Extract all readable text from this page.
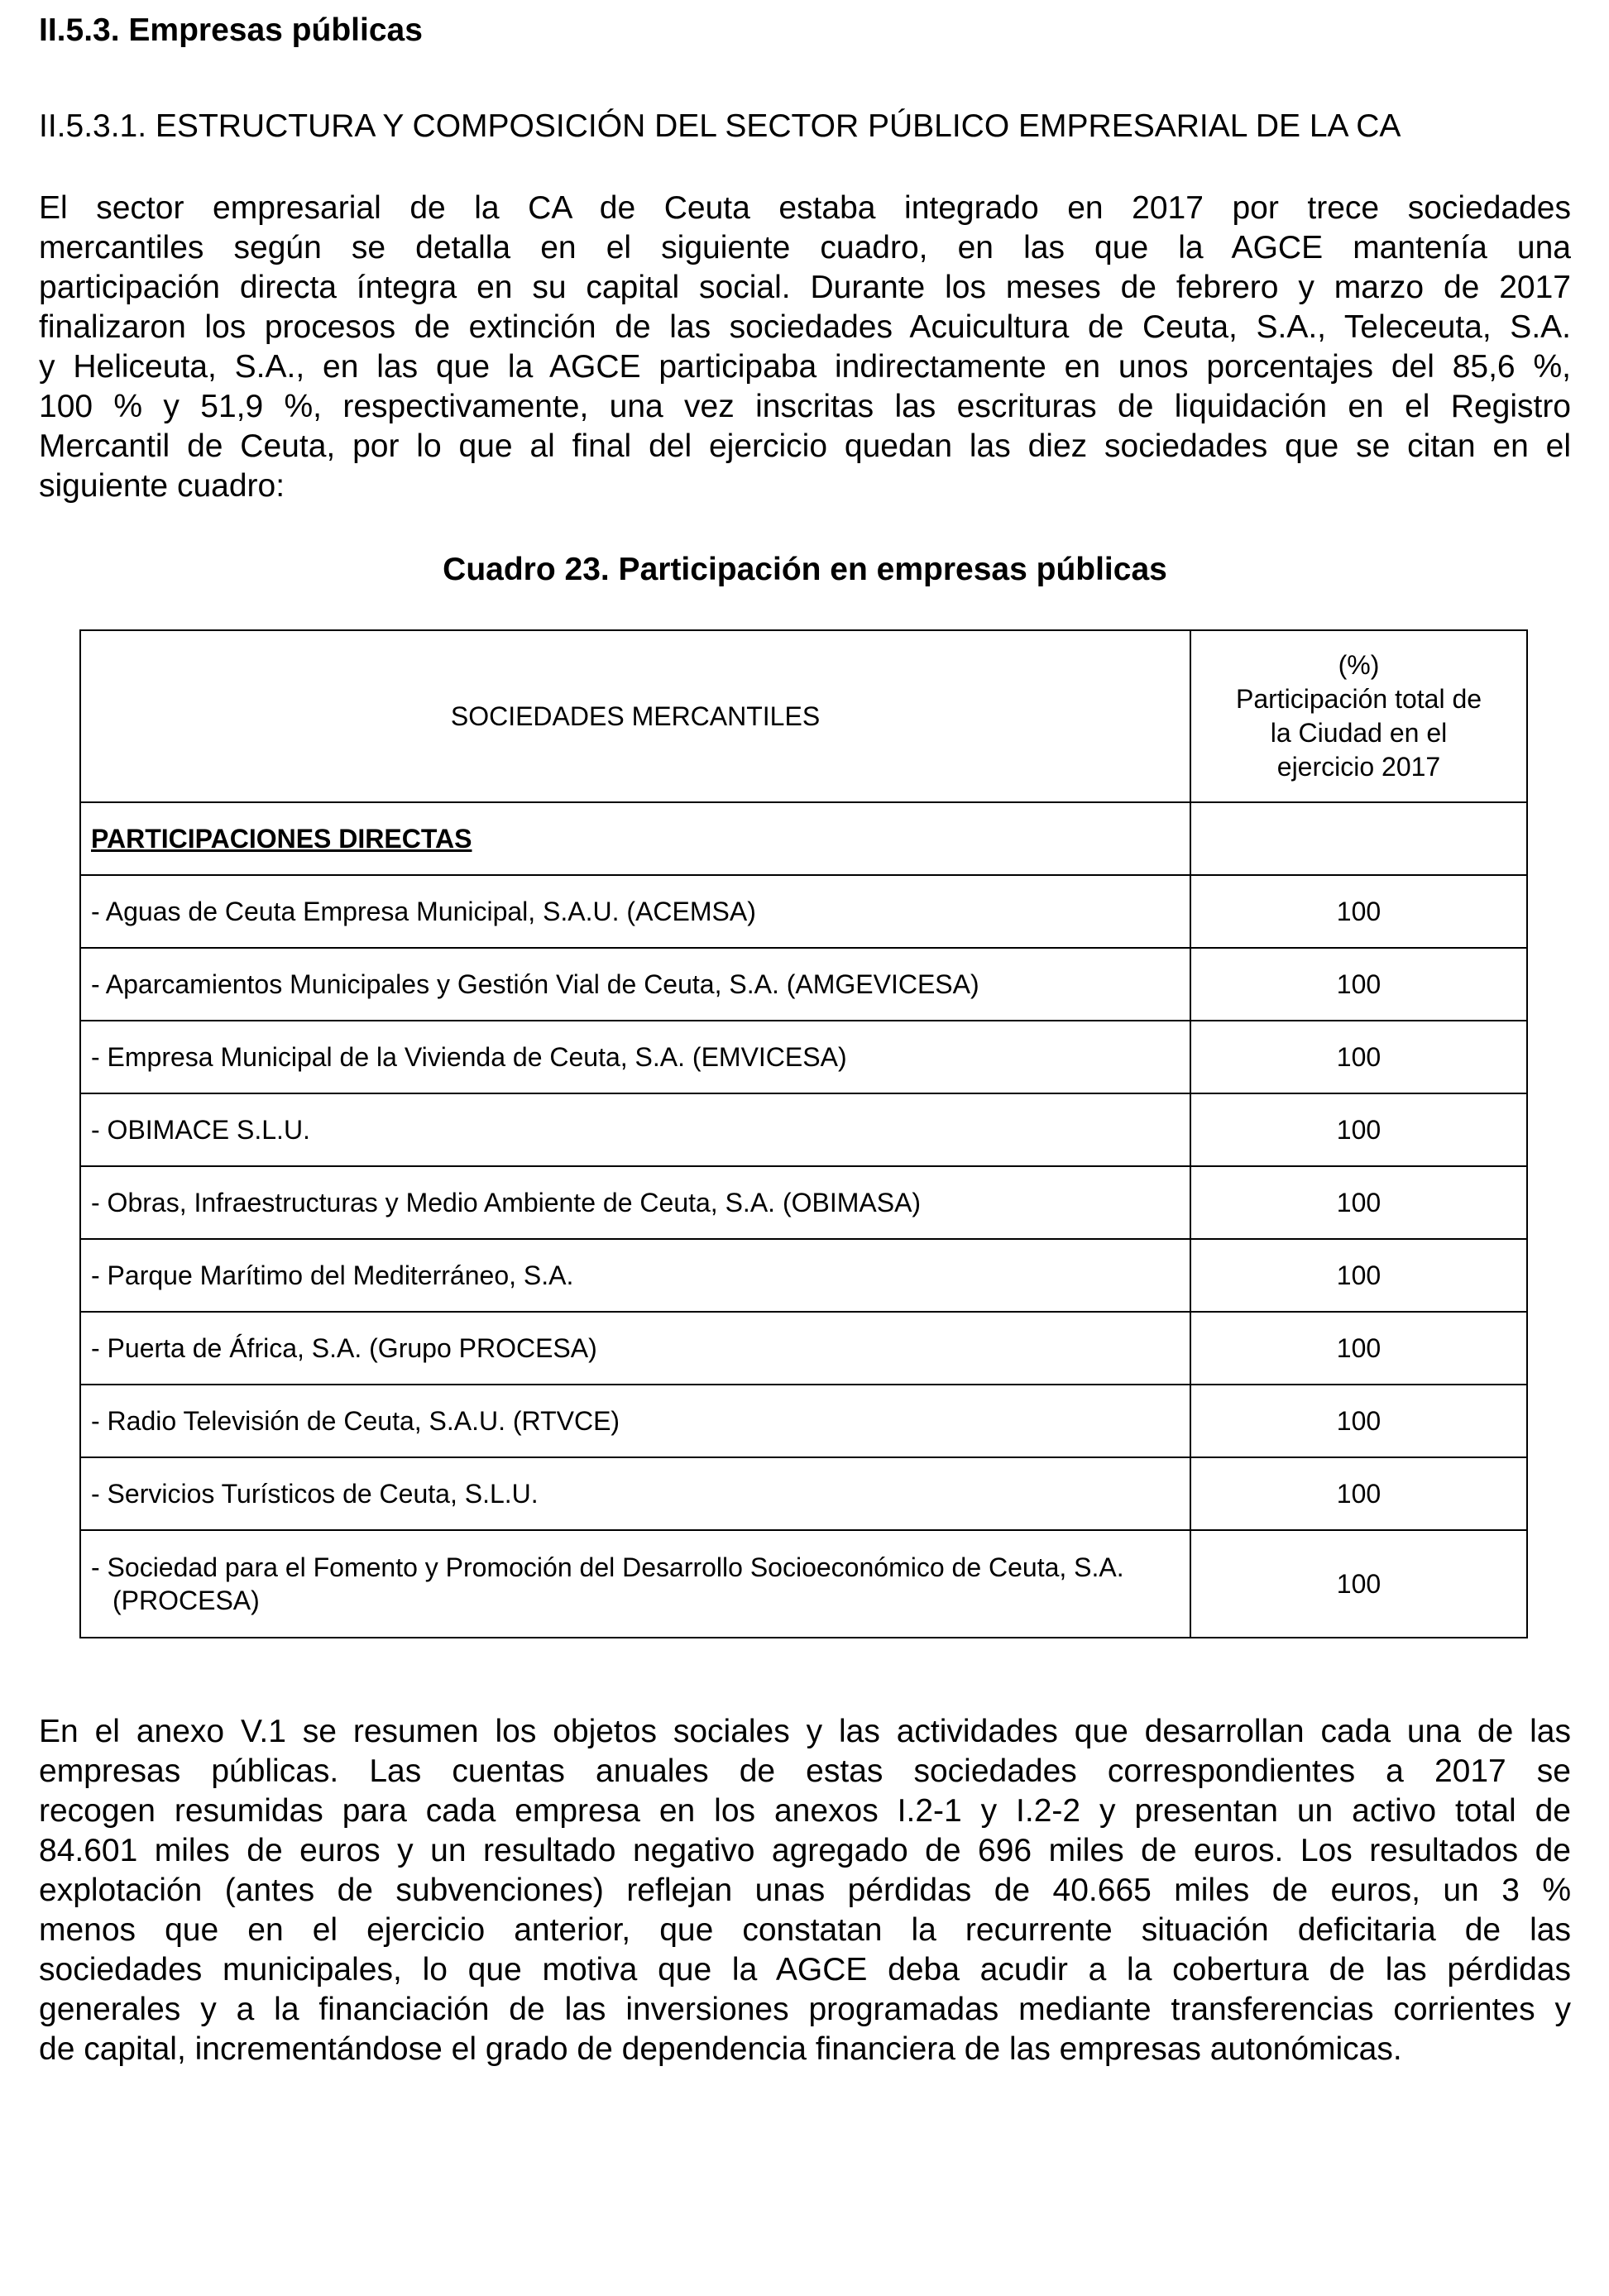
II.5.3. Empresas públicas
II.5.3.1. ESTRUCTURA Y COMPOSICIÓN DEL SECTOR PÚBLICO EMPRESARIAL DE LA CA
El sector empresarial de la CA de Ceuta estaba integrado en 2017 por trece sociedades
mercantiles según se detalla en el siguiente cuadro, en las que la AGCE mantenía una
participación directa íntegra en su capital social. Durante los meses de febrero y marzo de 2017
finalizaron los procesos de extinción de las sociedades Acuicultura de Ceuta, S.A., Teleceuta, S.A.
y Heliceuta, S.A., en las que la AGCE participaba indirectamente en unos porcentajes del 85,6 %,
100 % y 51,9 %, respectivamente, una vez inscritas las escrituras de liquidación en el Registro
Mercantil de Ceuta, por lo que al final del ejercicio quedan las diez sociedades que se citan en el
siguiente cuadro:
Cuadro 23. Participación en empresas públicas
SOCIEDADES MERCANTILES	(%)
Participación total de
la Ciudad en el
ejercicio 2017

PARTICIPACIONES DIRECTAS	
- Aguas de Ceuta Empresa Municipal, S.A.U. (ACEMSA)	100
- Aparcamientos Municipales y Gestión Vial de Ceuta, S.A. (AMGEVICESA)	100
- Empresa Municipal de la Vivienda de Ceuta, S.A. (EMVICESA)	100
- OBIMACE S.L.U.	100
- Obras, Infraestructuras y Medio Ambiente de Ceuta, S.A. (OBIMASA)	100
- Parque Marítimo del Mediterráneo, S.A.	100
- Puerta de África, S.A. (Grupo PROCESA)	100
- Radio Televisión de Ceuta, S.A.U. (RTVCE)	100
- Servicios Turísticos de Ceuta, S.L.U.	100

- Sociedad para el Fomento y Promoción del Desarrollo Socioeconómico de Ceuta, S.A. (PROCESA)	100
En el anexo V.1 se resumen los objetos sociales y las actividades que desarrollan cada una de las
empresas públicas. Las cuentas anuales de estas sociedades correspondientes a 2017 se
recogen resumidas para cada empresa en los anexos I.2-1 y I.2-2 y presentan un activo total de
84.601 miles de euros y un resultado negativo agregado de 696 miles de euros. Los resultados de
explotación (antes de subvenciones) reflejan unas pérdidas de 40.665 miles de euros, un 3 %
menos que en el ejercicio anterior, que constatan la recurrente situación deficitaria de las
sociedades municipales, lo que motiva que la AGCE deba acudir a la cobertura de las pérdidas
generales y a la financiación de las inversiones programadas mediante transferencias corrientes y
de capital, incrementándose el grado de dependencia financiera de las empresas autonómicas.
